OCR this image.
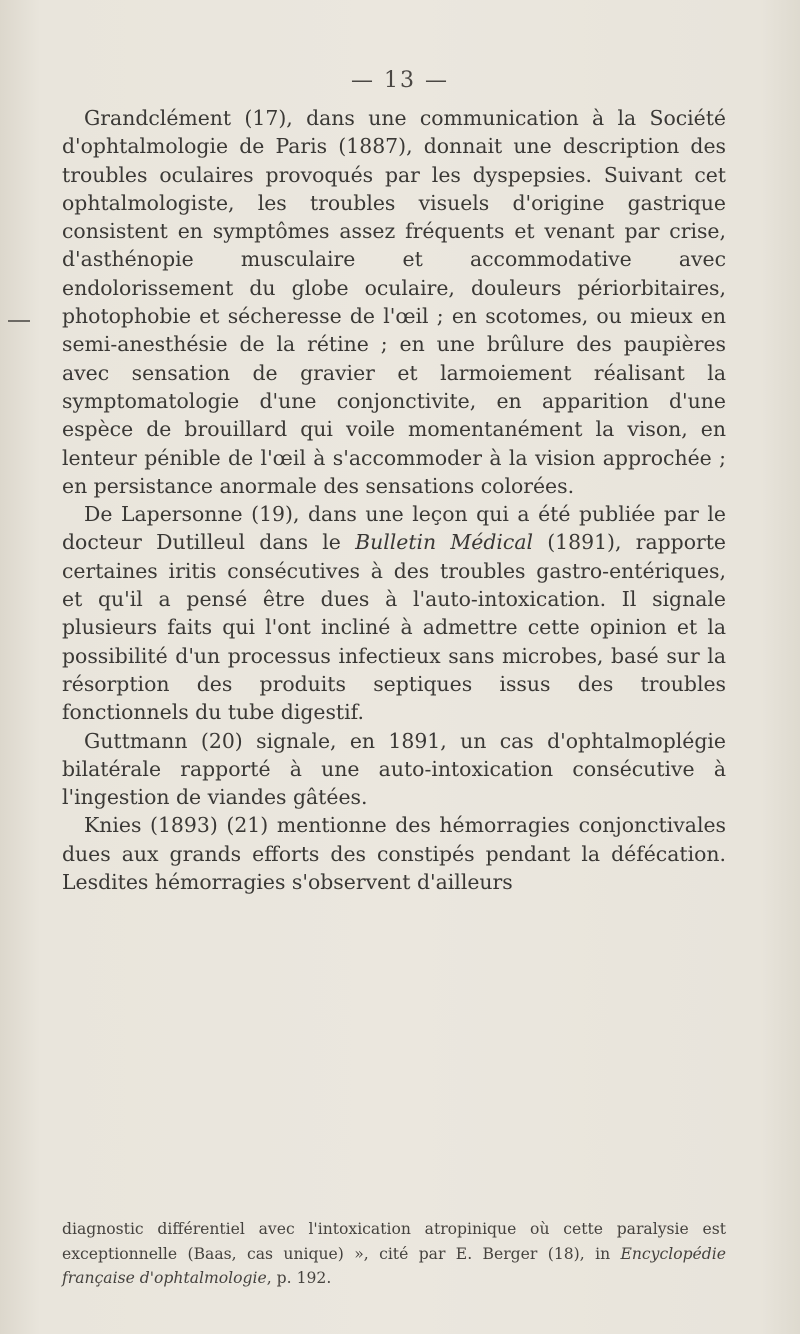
— 13 —

Grandclément (17), dans une communication à la Société d'ophtalmologie de Paris (1887), donnait une description des troubles oculaires provoqués par les dyspepsies. Suivant cet ophtalmologiste, les troubles visuels d'origine gastrique consistent en symptômes assez fréquents et venant par crise, d'asthénopie musculaire et accommodative avec endolorissement du globe oculaire, douleurs périorbitaires, photophobie et sécheresse de l'œil ; en scotomes, ou mieux en semi-anesthésie de la rétine ; en une brûlure des paupières avec sensation de gravier et larmoiement réalisant la symptomatologie d'une conjonctivite, en apparition d'une espèce de brouillard qui voile momentanément la vison, en lenteur pénible de l'œil à s'accommoder à la vision approchée ; en persistance anormale des sensations colorées.

De Lapersonne (19), dans une leçon qui a été publiée par le docteur Dutilleul dans le Bulletin Médical (1891), rapporte certaines iritis consécutives à des troubles gastro-entériques, et qu'il a pensé être dues à l'auto-intoxication. Il signale plusieurs faits qui l'ont incliné à admettre cette opinion et la possibilité d'un processus infectieux sans microbes, basé sur la résorption des produits septiques issus des troubles fonctionnels du tube digestif.

Guttmann (20) signale, en 1891, un cas d'ophtalmoplégie bilatérale rapporté à une auto-intoxication consécutive à l'ingestion de viandes gâtées.

Knies (1893) (21) mentionne des hémorragies conjonctivales dues aux grands efforts des constipés pendant la défécation. Lesdites hémorragies s'observent d'ailleurs

diagnostic différentiel avec l'intoxication atropinique où cette paralysie est exceptionnelle (Baas, cas unique) », cité par E. Berger (18), in Encyclopédie française d'ophtalmologie, p. 192.
